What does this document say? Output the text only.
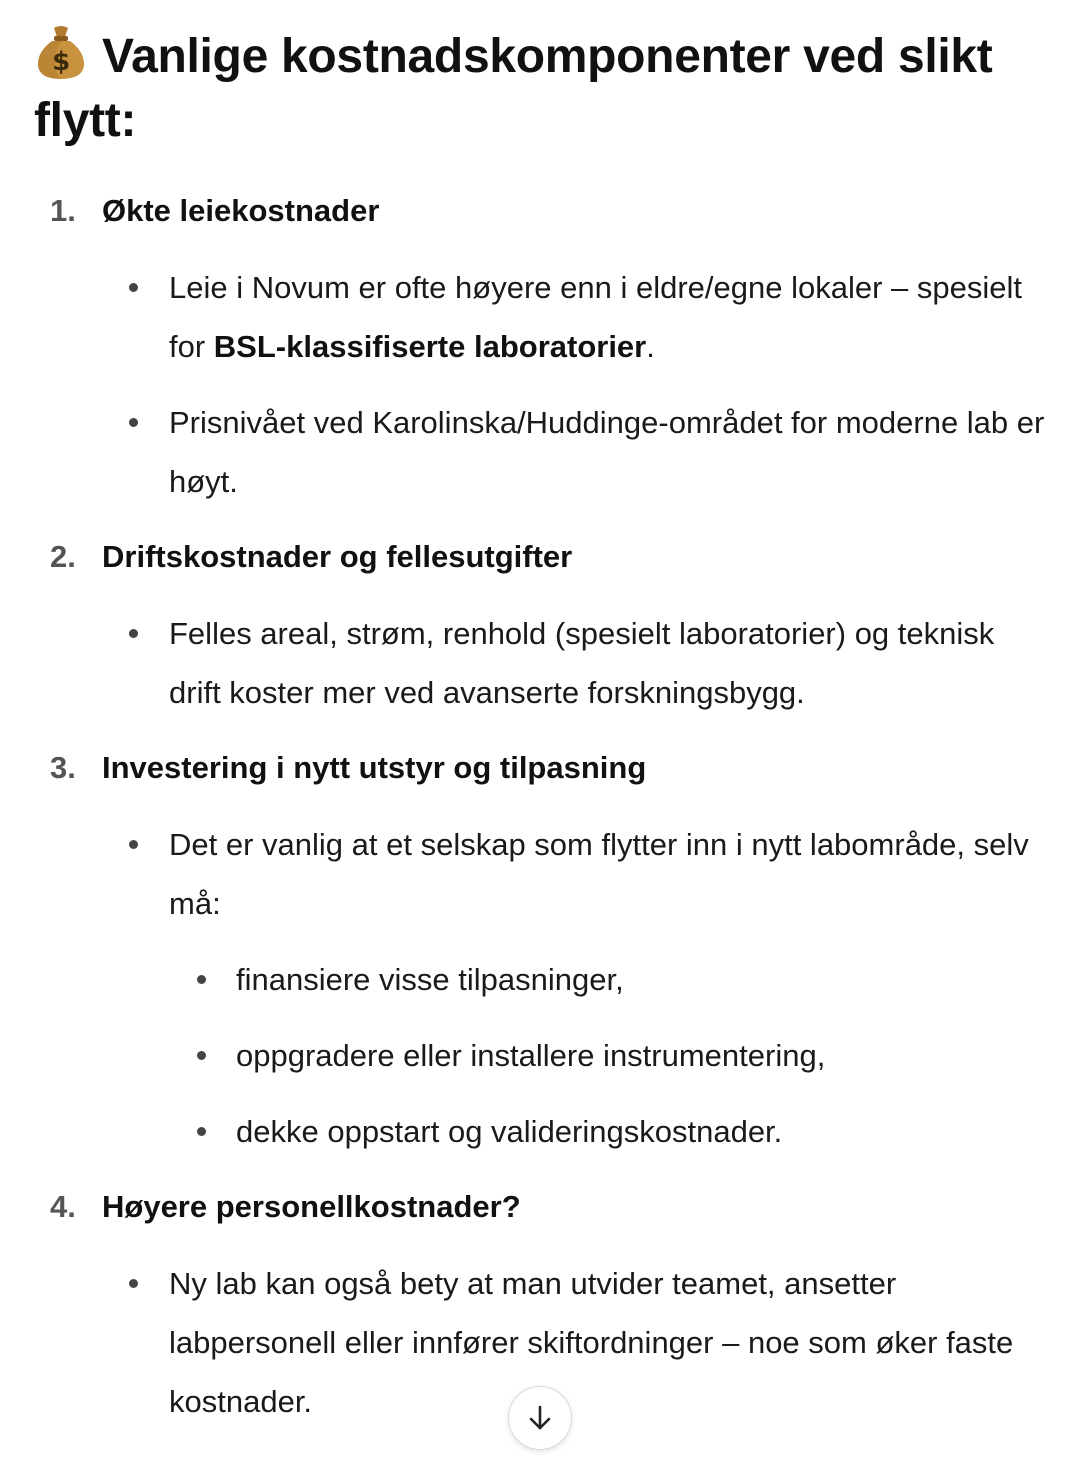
$ Vanlige kostnadskomponenter ved slikt flytt:
1. Økte leiekostnader
Leie i Novum er ofte høyere enn i eldre/egne lokaler – spesielt for BSL-klassifiserte laboratorier.
Prisnivået ved Karolinska/Huddinge-området for moderne lab er høyt.
2. Driftskostnader og fellesutgifter
Felles areal, strøm, renhold (spesielt laboratorier) og teknisk drift koster mer ved avanserte forskningsbygg.
3. Investering i nytt utstyr og tilpasning
Det er vanlig at et selskap som flytter inn i nytt labområde, selv må:
finansiere visse tilpasninger,
oppgradere eller installere instrumentering,
dekke oppstart og valideringskostnader.
4. Høyere personellkostnader?
Ny lab kan også bety at man utvider teamet, ansetter labpersonell eller innfører skiftordninger – noe som øker faste kostnader.
